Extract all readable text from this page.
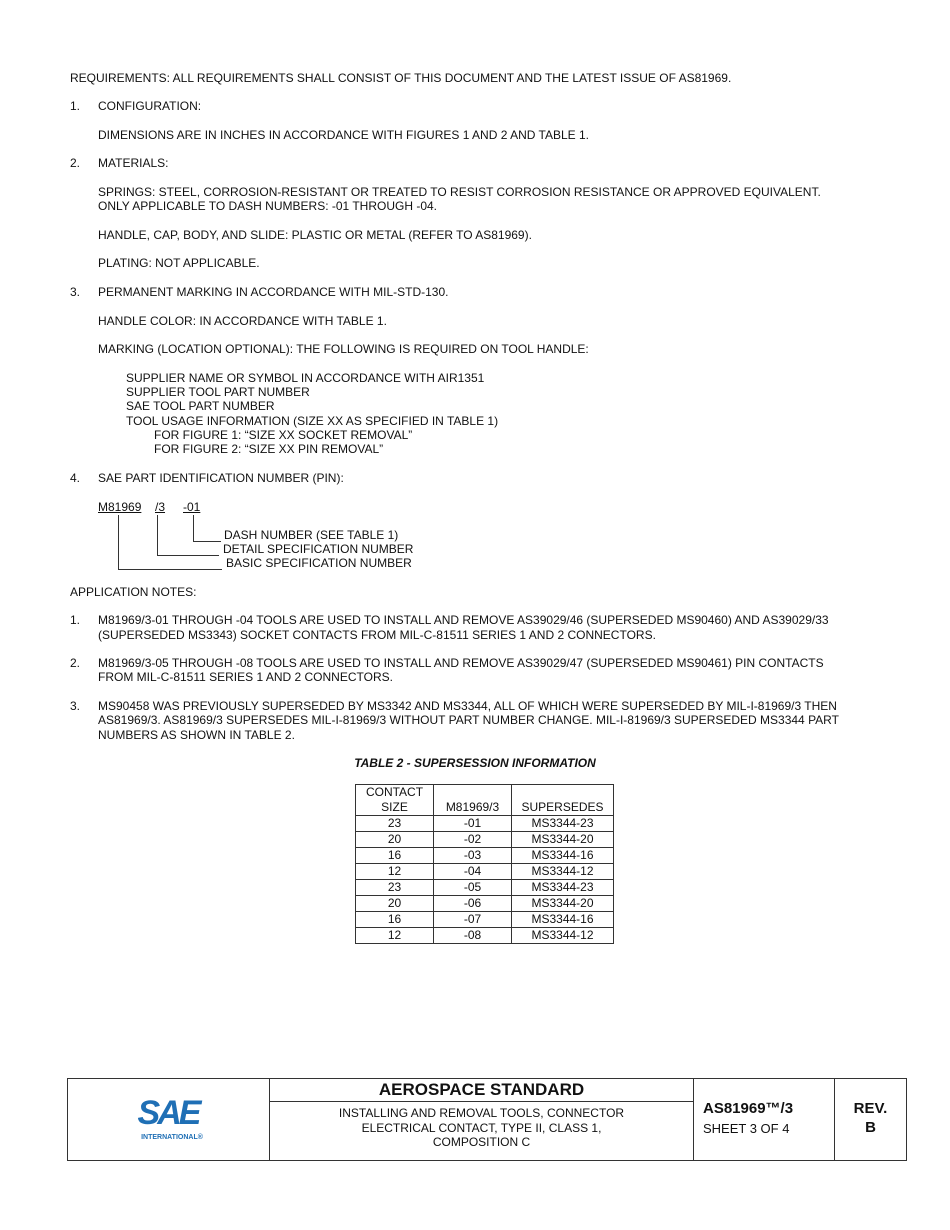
REQUIREMENTS: ALL REQUIREMENTS SHALL CONSIST OF THIS DOCUMENT AND THE LATEST ISSUE OF AS81969.
1. CONFIGURATION:
DIMENSIONS ARE IN INCHES IN ACCORDANCE WITH FIGURES 1 AND 2 AND TABLE 1.
2. MATERIALS:
SPRINGS: STEEL, CORROSION-RESISTANT OR TREATED TO RESIST CORROSION RESISTANCE OR APPROVED EQUIVALENT.
ONLY APPLICABLE TO DASH NUMBERS: -01 THROUGH -04.
HANDLE, CAP, BODY, AND SLIDE: PLASTIC OR METAL (REFER TO AS81969).
PLATING: NOT APPLICABLE.
3. PERMANENT MARKING IN ACCORDANCE WITH MIL-STD-130.
HANDLE COLOR: IN ACCORDANCE WITH TABLE 1.
MARKING (LOCATION OPTIONAL): THE FOLLOWING IS REQUIRED ON TOOL HANDLE:
SUPPLIER NAME OR SYMBOL IN ACCORDANCE WITH AIR1351
SUPPLIER TOOL PART NUMBER
SAE TOOL PART NUMBER
TOOL USAGE INFORMATION (SIZE XX AS SPECIFIED IN TABLE 1)
FOR FIGURE 1: “SIZE XX SOCKET REMOVAL”
FOR FIGURE 2: “SIZE XX PIN REMOVAL”
4. SAE PART IDENTIFICATION NUMBER (PIN):
M81969 /3 -01
DASH NUMBER (SEE TABLE 1)
DETAIL SPECIFICATION NUMBER
BASIC SPECIFICATION NUMBER
APPLICATION NOTES:
1. M81969/3-01 THROUGH -04 TOOLS ARE USED TO INSTALL AND REMOVE AS39029/46 (SUPERSEDED MS90460) AND AS39029/33
(SUPERSEDED MS3343) SOCKET CONTACTS FROM MIL-C-81511 SERIES 1 AND 2 CONNECTORS.
2. M81969/3-05 THROUGH -08 TOOLS ARE USED TO INSTALL AND REMOVE AS39029/47 (SUPERSEDED MS90461) PIN CONTACTS
FROM MIL-C-81511 SERIES 1 AND 2 CONNECTORS.
3. MS90458 WAS PREVIOUSLY SUPERSEDED BY MS3342 AND MS3344, ALL OF WHICH WERE SUPERSEDED BY MIL-I-81969/3 THEN
AS81969/3. AS81969/3 SUPERSEDES MIL-I-81969/3 WITHOUT PART NUMBER CHANGE. MIL-I-81969/3 SUPERSEDED MS3344 PART
NUMBERS AS SHOWN IN TABLE 2.
TABLE 2 - SUPERSESSION INFORMATION
CONTACT
SIZE	M81969/3	SUPERSEDES
23	-01	MS3344-23
20	-02	MS3344-20
16	-03	MS3344-16
12	-04	MS3344-12
23	-05	MS3344-23
20	-06	MS3344-20
16	-07	MS3344-16
12	-08	MS3344-12
SAE
INTERNATIONAL®
AEROSPACE STANDARD
INSTALLING AND REMOVAL TOOLS, CONNECTOR ELECTRICAL CONTACT, TYPE II, CLASS 1, COMPOSITION C
AS81969™/3
SHEET 3 OF 4
REV.
B
